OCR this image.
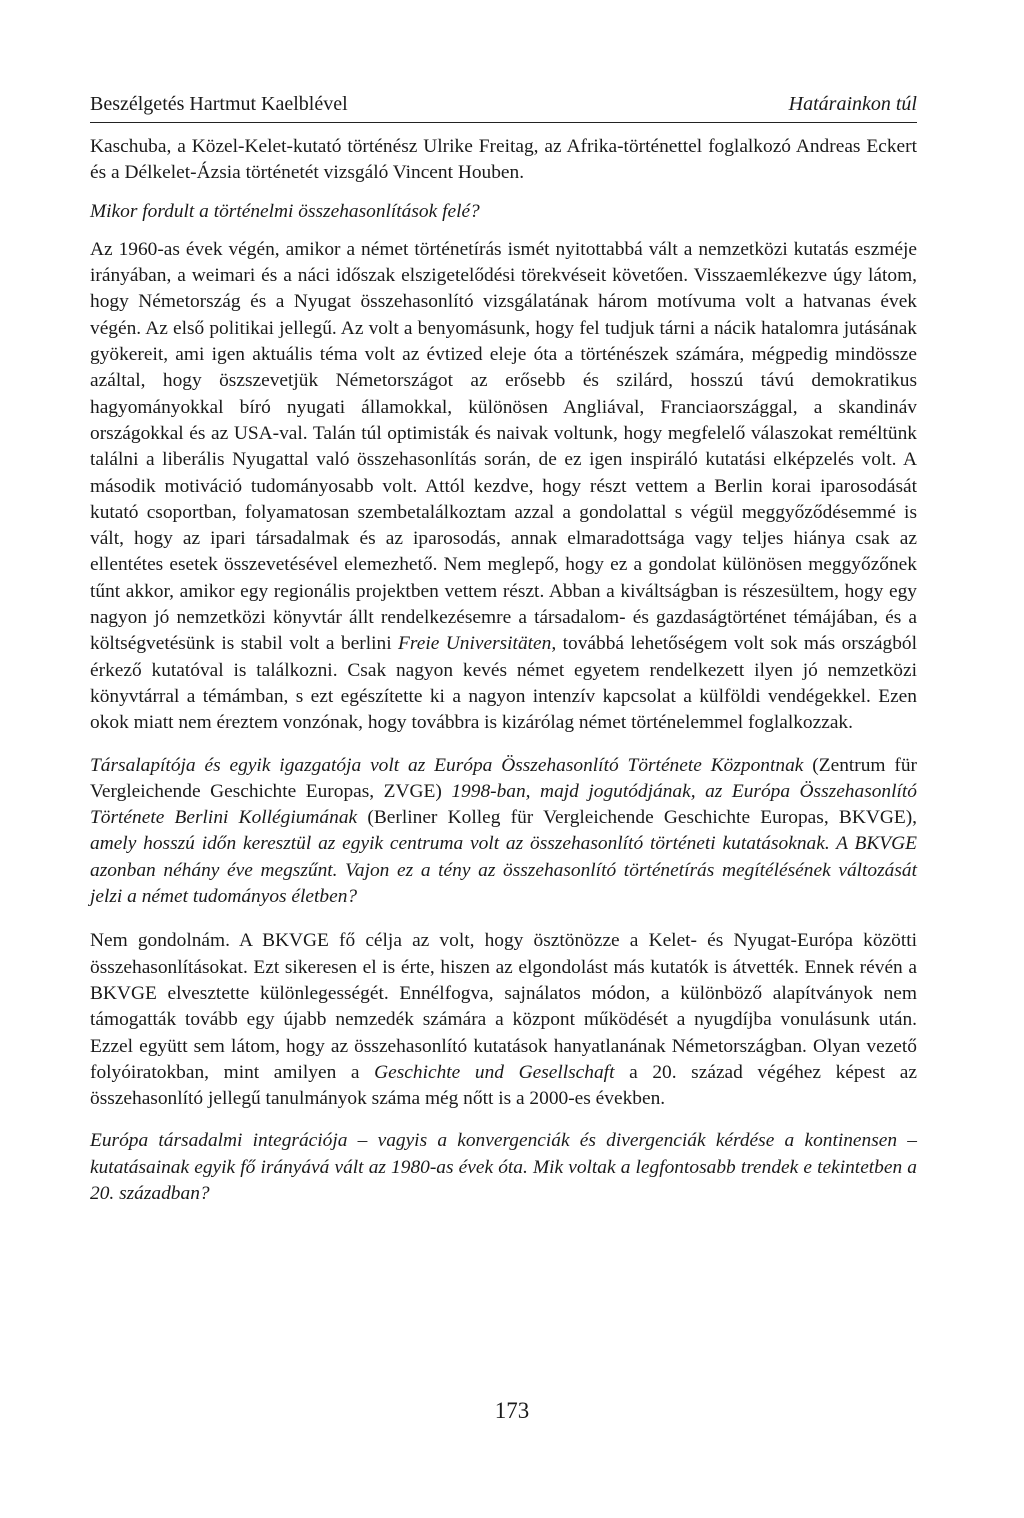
Beszélgetés Hartmut Kaelblével	Határainkon túl

Kaschuba, a Közel-Kelet-kutató történész Ulrike Freitag, az Afrika-történettel foglalkozó Andreas Eckert és a Délkelet-Ázsia történetét vizsgáló Vincent Houben.

Mikor fordult a történelmi összehasonlítások felé?

Az 1960-as évek végén, amikor a német történetírás ismét nyitottabbá vált a nemzetközi kutatás eszméje irányában, a weimari és a náci időszak elszigetelődési törekvéseit követően. Visszaemlékezve úgy látom, hogy Németország és a Nyugat összehasonlító vizsgálatának három motívuma volt a hatvanas évek végén. Az első politikai jellegű. Az volt a benyomásunk, hogy fel tudjuk tárni a nácik hatalomra jutásának gyökereit, ami igen aktuális téma volt az évtized eleje óta a történészek számára, mégpedig mindössze azáltal, hogy öszszevetjük Németországot az erősebb és szilárd, hosszú távú demokratikus hagyományokkal bíró nyugati államokkal, különösen Angliával, Franciaországgal, a skandináv országokkal és az USA-val. Talán túl optimisták és naivak voltunk, hogy megfelelő válaszokat reméltünk találni a liberális Nyugattal való összehasonlítás során, de ez igen inspiráló kutatási elképzelés volt. A második motiváció tudományosabb volt. Attól kezdve, hogy részt vettem a Berlin korai iparosodását kutató csoportban, folyamatosan szembetalálkoztam azzal a gondolattal s végül meggyőződésemmé is vált, hogy az ipari társadalmak és az iparosodás, annak elmaradottsága vagy teljes hiánya csak az ellentétes esetek összevetésével elemezhető. Nem meglepő, hogy ez a gondolat különösen meggyőzőnek tűnt akkor, amikor egy regionális projektben vettem részt. Abban a kiváltságban is részesültem, hogy egy nagyon jó nemzetközi könyvtár állt rendelkezésemre a társadalom- és gazdaságtörténet témájában, és a költségvetésünk is stabil volt a berlini Freie Universitäten, továbbá lehetőségem volt sok más országból érkező kutatóval is találkozni. Csak nagyon kevés német egyetem rendelkezett ilyen jó nemzetközi könyvtárral a témámban, s ezt egészítette ki a nagyon intenzív kapcsolat a külföldi vendégekkel. Ezen okok miatt nem éreztem vonzónak, hogy továbbra is kizárólag német történelemmel foglalkozzak.

Társalapítója és egyik igazgatója volt az Európa Összehasonlító Története Központnak (Zentrum für Vergleichende Geschichte Europas, ZVGE) 1998-ban, majd jogutódjának, az Európa Összehasonlító Története Berlini Kollégiumának (Berliner Kolleg für Vergleichende Geschichte Europas, BKVGE), amely hosszú időn keresztül az egyik centruma volt az összehasonlító történeti kutatásoknak. A BKVGE azonban néhány éve megszűnt. Vajon ez a tény az összehasonlító történetírás megítélésének változását jelzi a német tudományos életben?

Nem gondolnám. A BKVGE fő célja az volt, hogy ösztönözze a Kelet- és Nyugat-Európa közötti összehasonlításokat. Ezt sikeresen el is érte, hiszen az elgondolást más kutatók is átvették. Ennek révén a BKVGE elvesztette különlegességét. Ennélfogva, sajnálatos módon, a különböző alapítványok nem támogatták tovább egy újabb nemzedék számára a központ működését a nyugdíjba vonulásunk után. Ezzel együtt sem látom, hogy az összehasonlító kutatások hanyatlanának Németországban. Olyan vezető folyóiratokban, mint amilyen a Geschichte und Gesellschaft a 20. század végéhez képest az összehasonlító jellegű tanulmányok száma még nőtt is a 2000-es években.

Európa társadalmi integrációja – vagyis a konvergenciák és divergenciák kérdése a kontinensen – kutatásainak egyik fő irányává vált az 1980-as évek óta. Mik voltak a legfontosabb trendek e tekintetben a 20. században?

173
